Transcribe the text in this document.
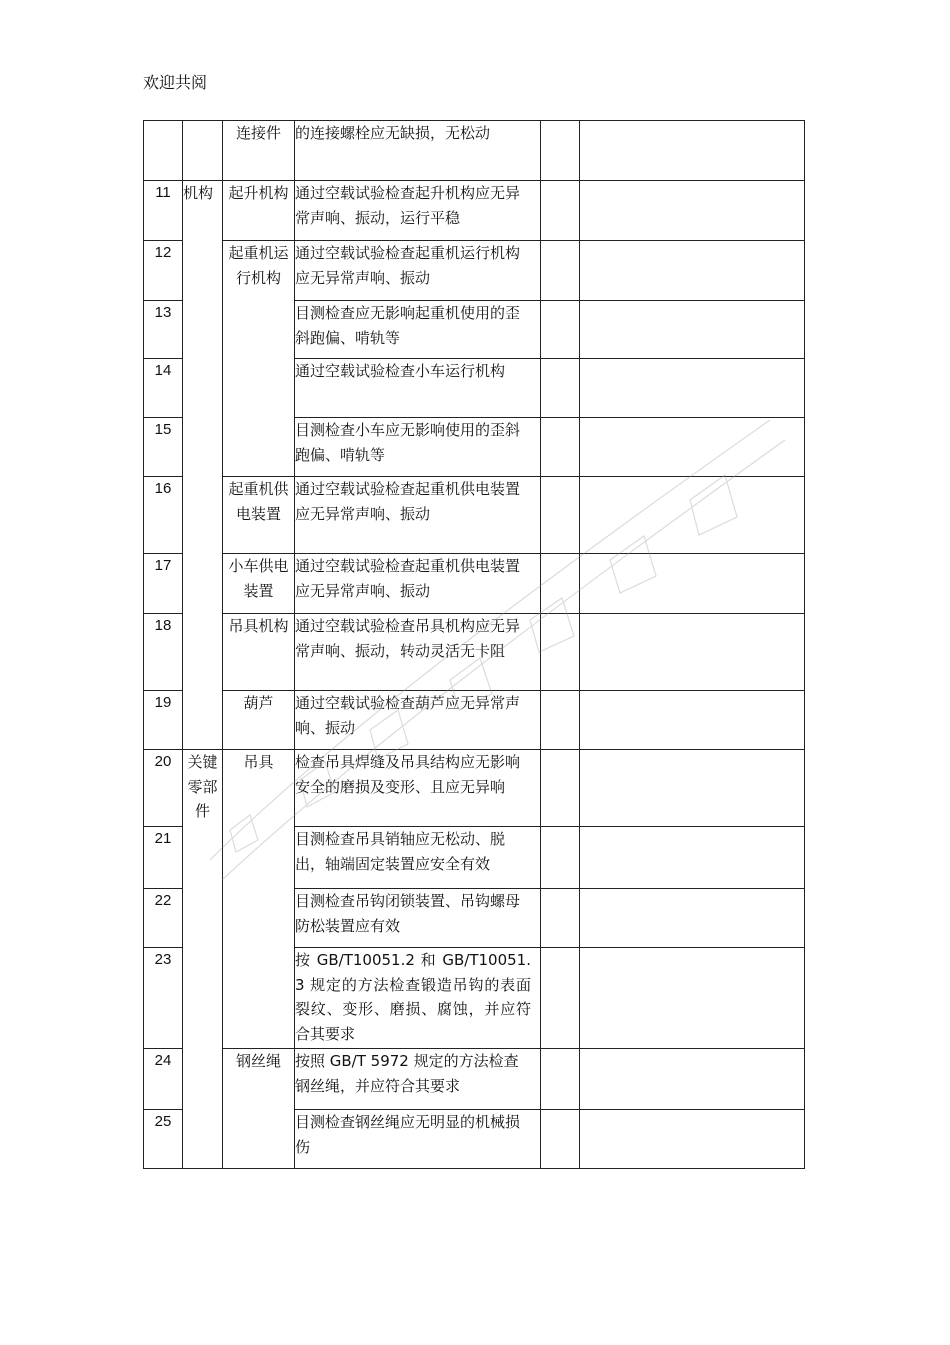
欢迎共阅
		连接件	的连接螺栓应无缺损，无松动		

11	机构	起升机构	通过空载试验检查起升机构应无异常声响、振动，运行平稳		

12		起重机运行机构	通过空载试验检查起重机运行机构应无异常声响、振动		

13			目测检查应无影响起重机使用的歪斜跑偏、啃轨等		

14			通过空载试验检查小车运行机构		

15			目测检查小车应无影响使用的歪斜跑偏、啃轨等		

16		起重机供电装置	通过空载试验检查起重机供电装置应无异常声响、振动		

17		小车供电装置	通过空载试验检查起重机供电装置应无异常声响、振动		

18		吊具机构	通过空载试验检查吊具机构应无异常声响、振动，转动灵活无卡阻		

19		葫芦	通过空载试验检查葫芦应无异常声响、振动		

20	关键零部件	吊具	检查吊具焊缝及吊具结构应无影响安全的磨损及变形、且应无异响		

21			目测检查吊具销轴应无松动、脱出，轴端固定装置应安全有效		

22			目测检查吊钩闭锁装置、吊钩螺母防松装置应有效		

23			按 GB/T10051.2 和 GB/T10051.3 规定的方法检查锻造吊钩的表面裂纹、变形、磨损、腐蚀，并应符合其要求		

24		钢丝绳	按照 GB/T 5972 规定的方法检查钢丝绳，并应符合其要求		

25			目测检查钢丝绳应无明显的机械损伤		
